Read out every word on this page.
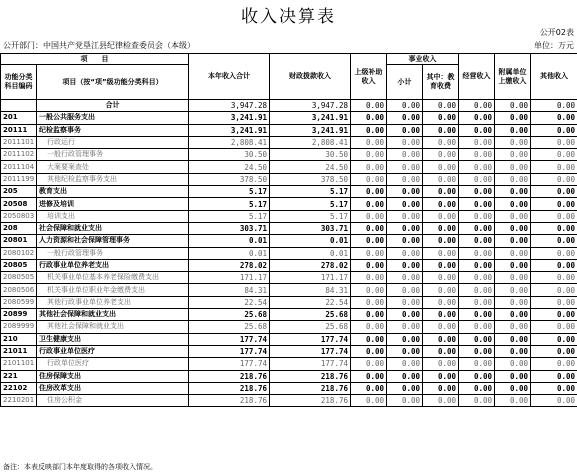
收入决算表
公开02表
公开部门：中国共产党垦江县纪律检查委员会（本级）	单位：万元
项　　目		本年收入合计	财政拨款收入	上级补助收入	事业收入		经营收入	附属单位上缴收入	其他收入
功能分类科目编码	项目（按“项”级功能分类科目）				小计	其中：教育收费			
	合计	3,947.28	3,947.28	0.00	0.00	0.00	0.00	0.00	0.00
201	一般公共服务支出	3,241.91	3,241.91	0.00	0.00	0.00	0.00	0.00	0.00
20111	纪检监察事务	3,241.91	3,241.91	0.00	0.00	0.00	0.00	0.00	0.00
2011101	行政运行	2,808.41	2,808.41	0.00	0.00	0.00	0.00	0.00	0.00
2011102	一般行政管理事务	30.50	30.50	0.00	0.00	0.00	0.00	0.00	0.00
2011104	大案要案查处	24.50	24.50	0.00	0.00	0.00	0.00	0.00	0.00
2011199	其他纪检监察事务支出	378.50	378.50	0.00	0.00	0.00	0.00	0.00	0.00
205	教育支出	5.17	5.17	0.00	0.00	0.00	0.00	0.00	0.00
20508	进修及培训	5.17	5.17	0.00	0.00	0.00	0.00	0.00	0.00
2050803	培训支出	5.17	5.17	0.00	0.00	0.00	0.00	0.00	0.00
208	社会保障和就业支出	303.71	303.71	0.00	0.00	0.00	0.00	0.00	0.00
20801	人力资源和社会保障管理事务	0.01	0.01	0.00	0.00	0.00	0.00	0.00	0.00
2080102	一般行政管理事务	0.01	0.01	0.00	0.00	0.00	0.00	0.00	0.00
20805	行政事业单位养老支出	278.02	278.02	0.00	0.00	0.00	0.00	0.00	0.00
2080505	机关事业单位基本养老保险缴费支出	171.17	171.17	0.00	0.00	0.00	0.00	0.00	0.00
2080506	机关事业单位职业年金缴费支出	84.31	84.31	0.00	0.00	0.00	0.00	0.00	0.00
2080599	其他行政事业单位养老支出	22.54	22.54	0.00	0.00	0.00	0.00	0.00	0.00
20899	其他社会保障和就业支出	25.68	25.68	0.00	0.00	0.00	0.00	0.00	0.00
2089999	其他社会保障和就业支出	25.68	25.68	0.00	0.00	0.00	0.00	0.00	0.00
210	卫生健康支出	177.74	177.74	0.00	0.00	0.00	0.00	0.00	0.00
21011	行政事业单位医疗	177.74	177.74	0.00	0.00	0.00	0.00	0.00	0.00
2101101	行政单位医疗	177.74	177.74	0.00	0.00	0.00	0.00	0.00	0.00
221	住房保障支出	218.76	218.76	0.00	0.00	0.00	0.00	0.00	0.00
22102	住房改革支出	218.76	218.76	0.00	0.00	0.00	0.00	0.00	0.00
2210201	住房公积金	218.76	218.76	0.00	0.00	0.00	0.00	0.00	0.00
备注：本表反映部门本年度取得的各项收入情况。
